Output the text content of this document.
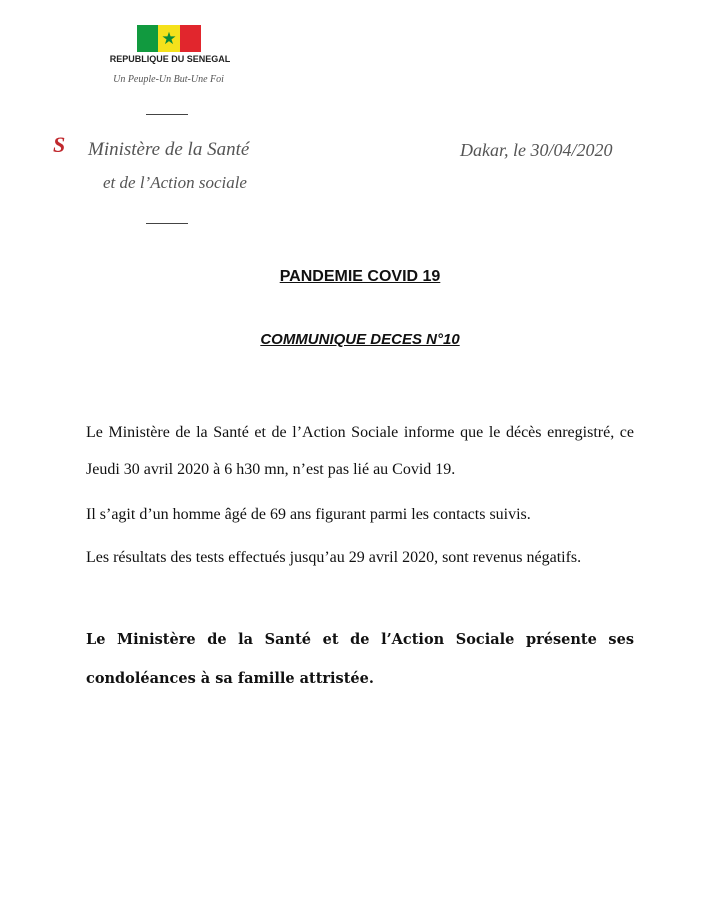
★
REPUBLIQUE DU SENEGAL
Un Peuple-Un But-Une Foi
S Ministère de la Santé
et de l’Action sociale
Dakar, le 30/04/2020
PANDEMIE COVID 19
COMMUNIQUE DECES N°10
Le Ministère de la Santé et de l’Action Sociale informe que le décès enregistré, ce Jeudi 30 avril 2020 à 6 h30 mn, n’est pas lié au Covid 19.
Il s’agit d’un homme âgé de 69 ans figurant parmi les contacts suivis.
Les résultats des tests effectués jusqu’au 29 avril 2020, sont revenus négatifs.
Le Ministère de la Santé et de l’Action Sociale présente ses condoléances à sa famille attristée.
